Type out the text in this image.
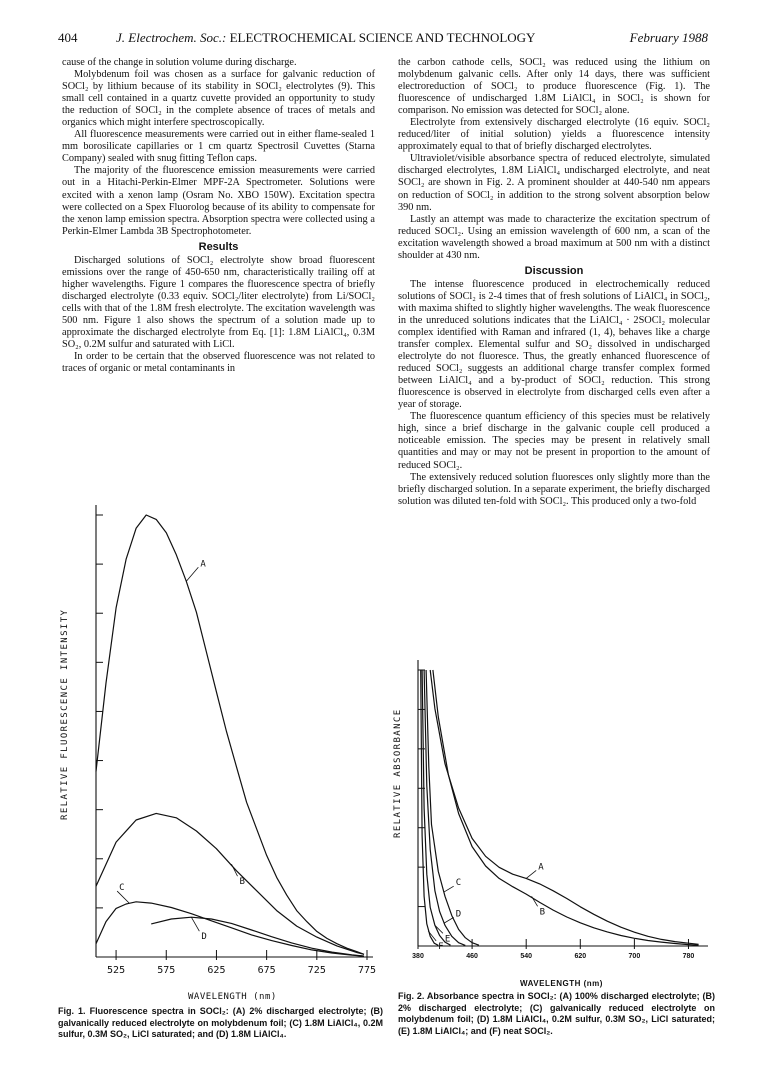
404	J. Electrochem. Soc.: ELECTROCHEMICAL SCIENCE AND TECHNOLOGY	February 1988

cause of the change in solution volume during discharge.

Molybdenum foil was chosen as a surface for galvanic reduction of SOCl₂ by lithium because of its stability in SOCl₂ electrolytes (9). This small cell contained in a quartz cuvette provided an opportunity to study the reduction of SOCl₂ in the complete absence of traces of metals and organics which might interfere spectroscopically.

All fluorescence measurements were carried out in either flame-sealed 1 mm borosilicate capillaries or 1 cm quartz Spectrosil Cuvettes (Starna Company) sealed with snug fitting Teflon caps.

The majority of the fluorescence emission measurements were carried out in a Hitachi-Perkin-Elmer MPF-2A Spectrometer. Solutions were excited with a xenon lamp (Osram No. XBO 150W). Excitation spectra were collected on a Spex Fluorolog because of its ability to compensate for the xenon lamp emission spectra. Absorption spectra were collected using a Perkin-Elmer Lambda 3B Spectrophotometer.

Results

Discharged solutions of SOCl₂ electrolyte show broad fluorescent emissions over the range of 450-650 nm, characteristically trailing off at higher wavelengths. Figure 1 compares the fluorescence spectra of briefly discharged electrolyte (0.33 equiv. SOCl₂/liter electrolyte) from Li/SOCl₂ cells with that of the 1.8M fresh electrolyte. The excitation wavelength was 500 nm. Figure 1 also shows the spectrum of a solution made up to approximate the discharged electrolyte from Eq. [1]: 1.8M LiAlCl₄, 0.3M SO₂, 0.2M sulfur and saturated with LiCl.

In order to be certain that the observed fluorescence was not related to traces of organic or metal contaminants in

the carbon cathode cells, SOCl₂ was reduced using the lithium on molybdenum galvanic cells. After only 14 days, there was sufficient electroreduction of SOCl₂ to produce fluorescence (Fig. 1). The fluorescence of undischarged 1.8M LiAlCl₄ in SOCl₂ is shown for comparison. No emission was detected for SOCl₂ alone.

Electrolyte from extensively discharged electrolyte (16 equiv. SOCl₂ reduced/liter of initial solution) yields a fluorescence intensity approximately equal to that of briefly discharged electrolytes.

Ultraviolet/visible absorbance spectra of reduced electrolyte, simulated discharged electrolytes, 1.8M LiAlCl₄ undischarged electrolyte, and neat SOCl₂ are shown in Fig. 2. A prominent shoulder at 440-540 nm appears on reduction of SOCl₂ in addition to the strong solvent absorption below 390 nm.

Lastly an attempt was made to characterize the excitation spectrum of reduced SOCl₂. Using an emission wavelength of 600 nm, a scan of the excitation wavelength showed a broad maximum at 500 nm with a distinct shoulder at 430 nm.

Discussion

The intense fluorescence produced in electrochemically reduced solutions of SOCl₂ is 2-4 times that of fresh solutions of LiAlCl₄ in SOCl₂, with maxima shifted to slightly higher wavelengths. The weak fluorescence in the unreduced solutions indicates that the LiAlCl₄ · 2SOCl₂ molecular complex identified with Raman and infrared (1, 4), behaves like a charge transfer complex. Elemental sulfur and SO₂ dissolved in undischarged electrolyte do not fluoresce. Thus, the greatly enhanced fluorescence of reduced SOCl₂ suggests an additional charge transfer complex formed between LiAlCl₄ and a by-product of SOCl₂ reduction. This strong fluorescence is observed in electrolyte from discharged cells even after a year of storage.

The fluorescence quantum efficiency of this species must be relatively high, since a brief discharge in the galvanic couple cell produced a noticeable emission. The species may be present in relatively small quantities and may or may not be present in proportion to the amount of reduced SOCl₂.

The extensively reduced solution fluoresces only slightly more than the briefly discharged solution. In a separate experiment, the briefly discharged solution was diluted ten-fold with SOCl₂. This produced only a two-fold

525	575	625	675	725	775
A
B
C
D
RELATIVE FLUORESCENCE INTENSITY
WAVELENGTH (nm)
Fig. 1. Fluorescence spectra in SOCl₂: (A) 2% discharged electrolyte; (B) galvanically reduced electrolyte on molybdenum foil; (C) 1.8M LiAlCl₄, 0.2M sulfur, 0.3M SO₂, LiCl saturated; and (D) 1.8M LiAlCl₄.
380	460	540	620	700	780
A
B
C
D
E
F
RELATIVE ABSORBANCE
WAVELENGTH (nm)
Fig. 2. Absorbance spectra in SOCl₂: (A) 100% discharged electrolyte; (B) 2% discharged electrolyte; (C) galvanically reduced electrolyte on molybdenum foil; (D) 1.8M LiAlCl₄, 0.2M sulfur, 0.3M SO₂, LiCl saturated; (E) 1.8M LiAlCl₄; and (F) neat SOCl₂.
